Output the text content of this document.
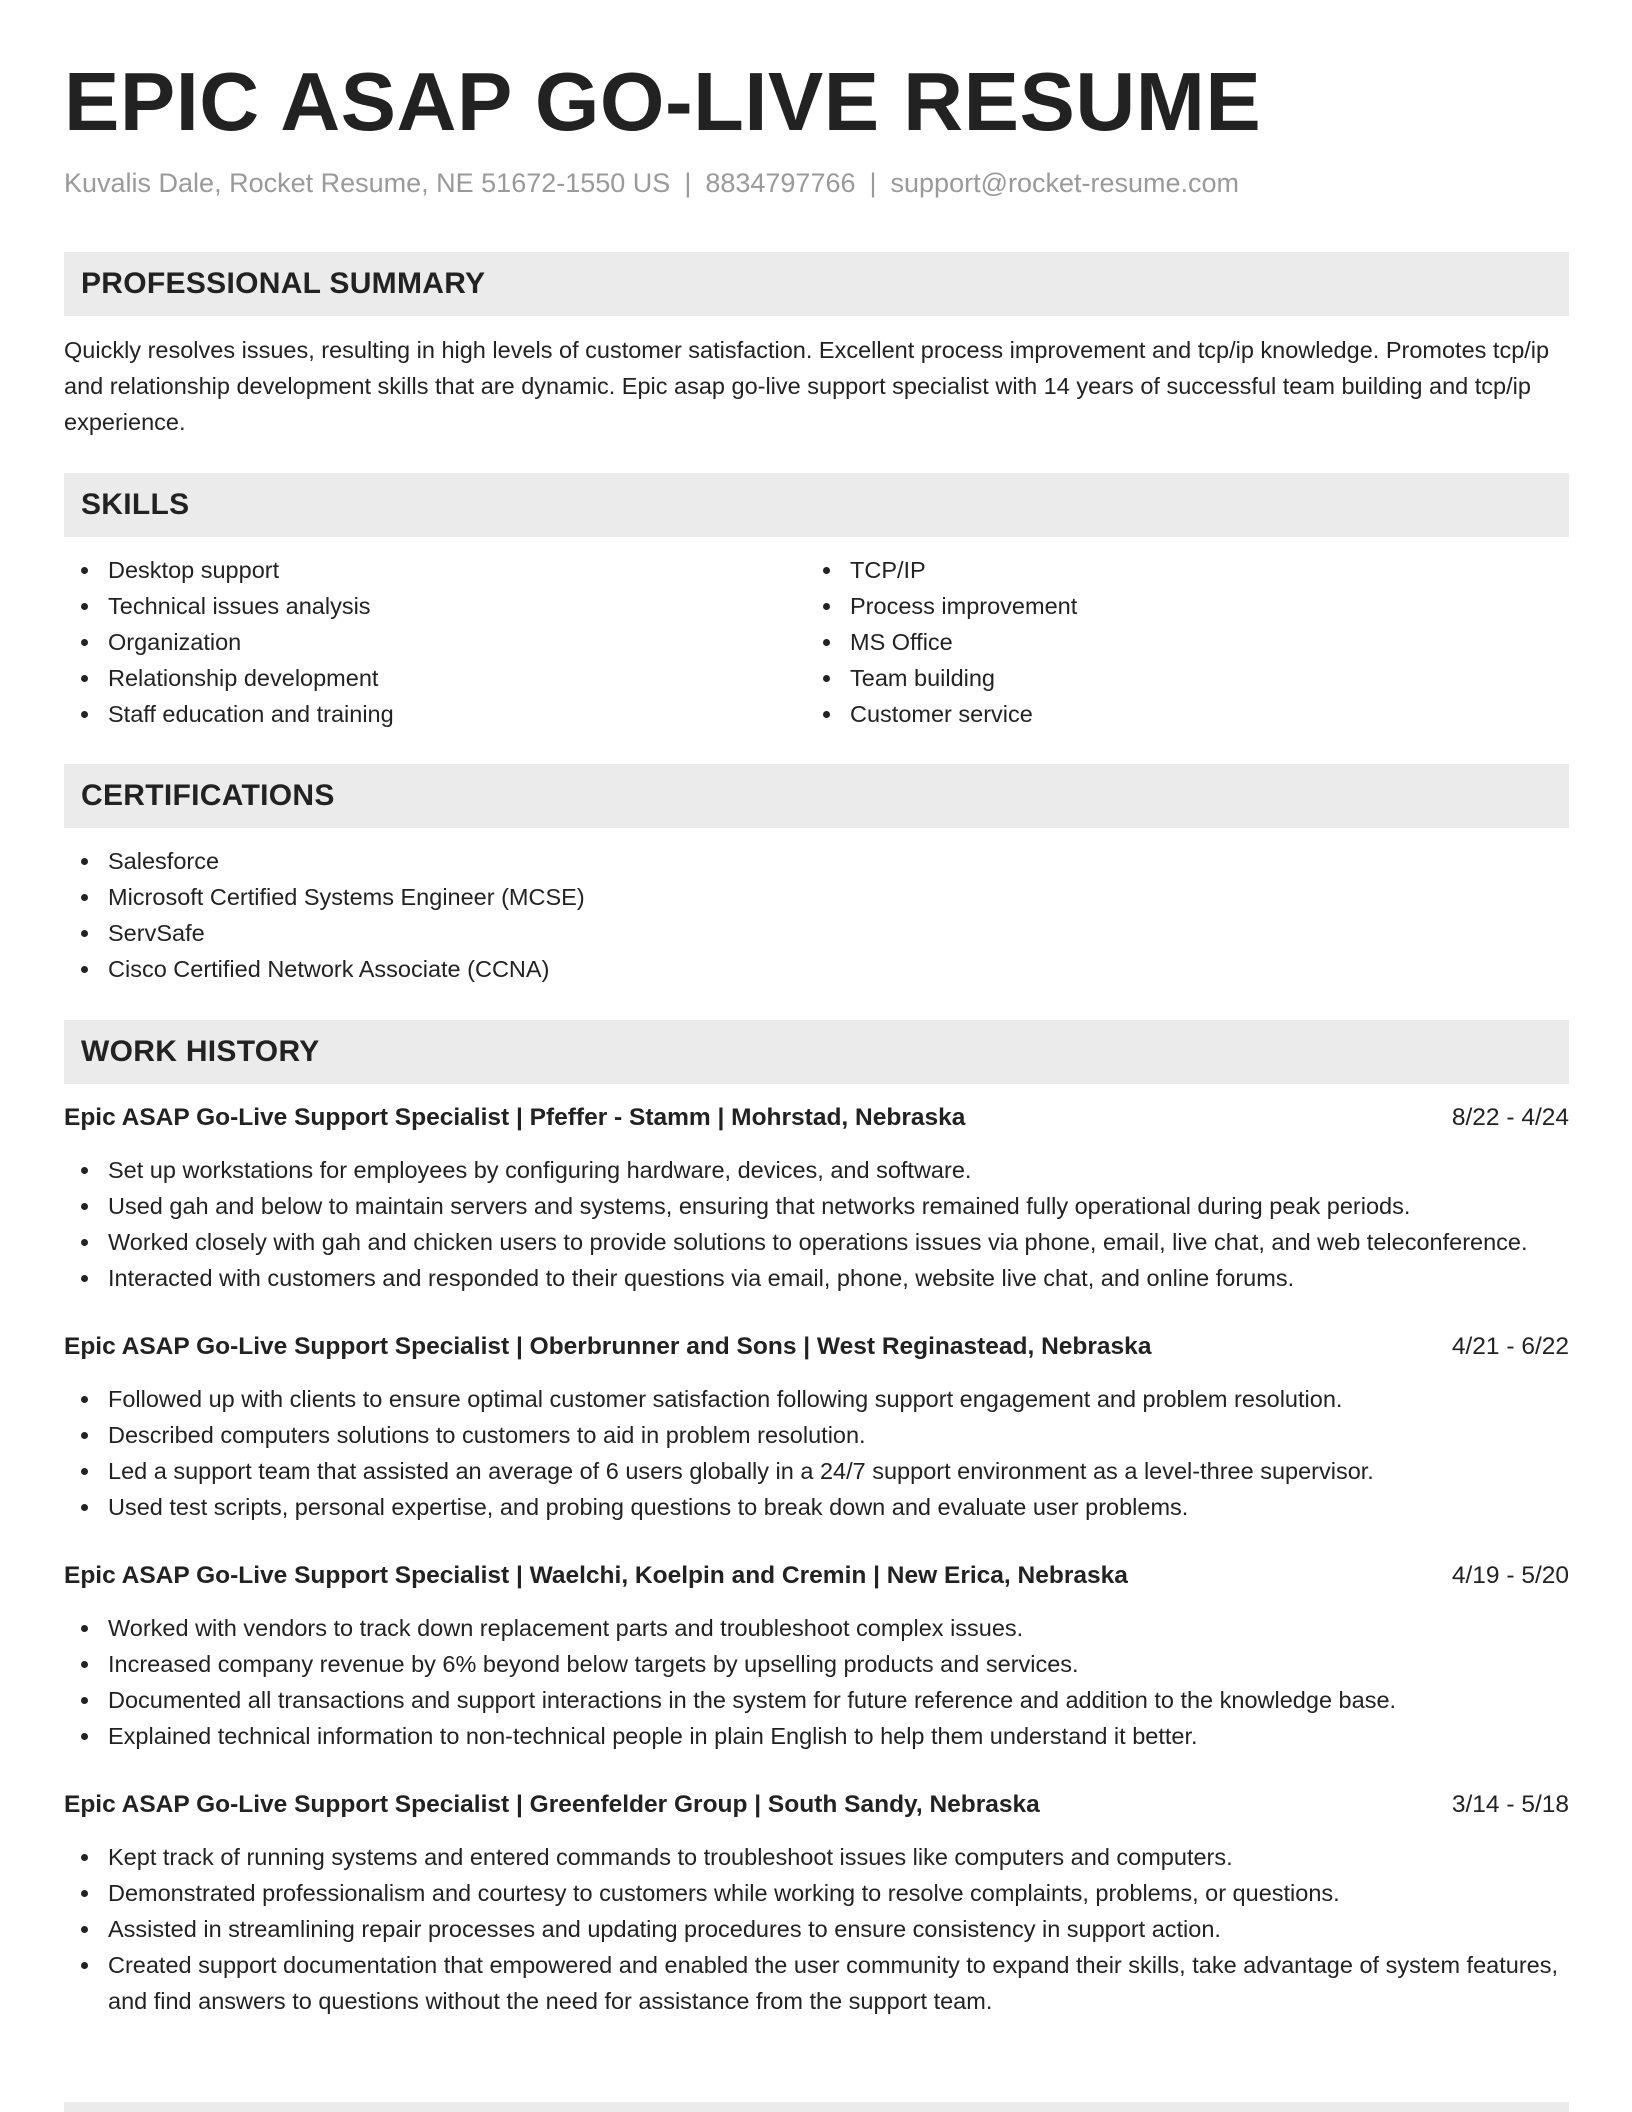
EPIC ASAP GO-LIVE RESUME
Kuvalis Dale, Rocket Resume, NE 51672-1550 US | 8834797766 | support@rocket-resume.com
PROFESSIONAL SUMMARY
Quickly resolves issues, resulting in high levels of customer satisfaction. Excellent process improvement and tcp/ip knowledge. Promotes tcp/ip and relationship development skills that are dynamic. Epic asap go-live support specialist with 14 years of successful team building and tcp/ip experience.
SKILLS
Desktop support
Technical issues analysis
Organization
Relationship development
Staff education and training
TCP/IP
Process improvement
MS Office
Team building
Customer service
CERTIFICATIONS
Salesforce
Microsoft Certified Systems Engineer (MCSE)
ServSafe
Cisco Certified Network Associate (CCNA)
WORK HISTORY
Epic ASAP Go-Live Support Specialist | Pfeffer - Stamm | Mohrstad, Nebraska	8/22 - 4/24
Set up workstations for employees by configuring hardware, devices, and software.
Used gah and below to maintain servers and systems, ensuring that networks remained fully operational during peak periods.
Worked closely with gah and chicken users to provide solutions to operations issues via phone, email, live chat, and web teleconference.
Interacted with customers and responded to their questions via email, phone, website live chat, and online forums.
Epic ASAP Go-Live Support Specialist | Oberbrunner and Sons | West Reginastead, Nebraska	4/21 - 6/22
Followed up with clients to ensure optimal customer satisfaction following support engagement and problem resolution.
Described computers solutions to customers to aid in problem resolution.
Led a support team that assisted an average of 6 users globally in a 24/7 support environment as a level-three supervisor.
Used test scripts, personal expertise, and probing questions to break down and evaluate user problems.
Epic ASAP Go-Live Support Specialist | Waelchi, Koelpin and Cremin | New Erica, Nebraska	4/19 - 5/20
Worked with vendors to track down replacement parts and troubleshoot complex issues.
Increased company revenue by 6% beyond below targets by upselling products and services.
Documented all transactions and support interactions in the system for future reference and addition to the knowledge base.
Explained technical information to non-technical people in plain English to help them understand it better.
Epic ASAP Go-Live Support Specialist | Greenfelder Group | South Sandy, Nebraska	3/14 - 5/18
Kept track of running systems and entered commands to troubleshoot issues like computers and computers.
Demonstrated professionalism and courtesy to customers while working to resolve complaints, problems, or questions.
Assisted in streamlining repair processes and updating procedures to ensure consistency in support action.
Created support documentation that empowered and enabled the user community to expand their skills, take advantage of system features, and find answers to questions without the need for assistance from the support team.
